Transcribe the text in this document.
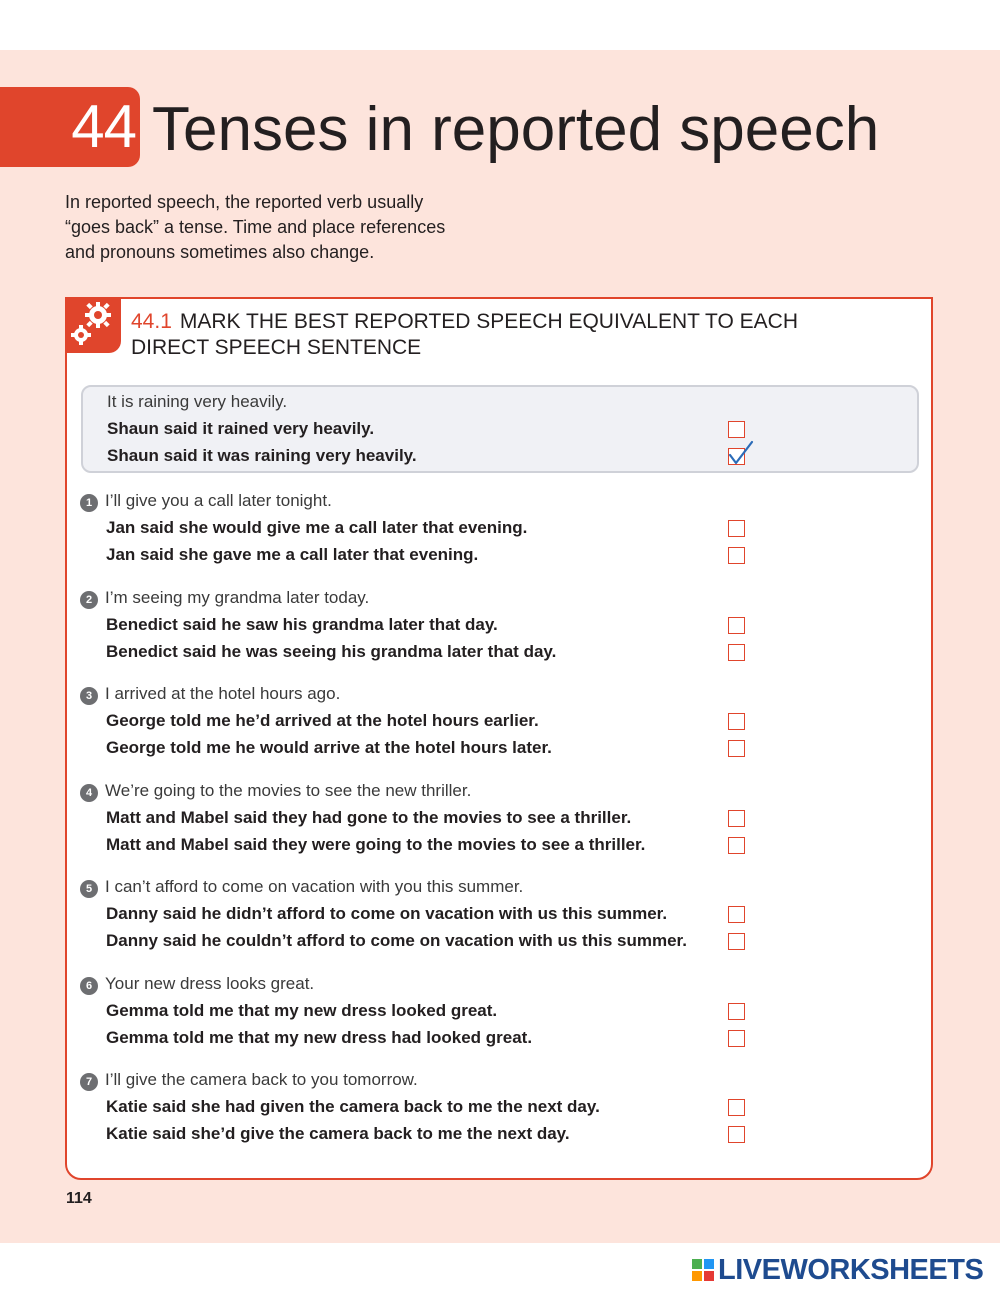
44 Tenses in reported speech
In reported speech, the reported verb usually
“goes back” a tense. Time and place references
and pronouns sometimes also change.
44.1 MARK THE BEST REPORTED SPEECH EQUIVALENT TO EACH
DIRECT SPEECH SENTENCE
It is raining very heavily.
Shaun said it rained very heavily.
Shaun said it was raining very heavily.
1 I’ll give you a call later tonight.
Jan said she would give me a call later that evening.
Jan said she gave me a call later that evening.
2 I’m seeing my grandma later today.
Benedict said he saw his grandma later that day.
Benedict said he was seeing his grandma later that day.
3 I arrived at the hotel hours ago.
George told me he’d arrived at the hotel hours earlier.
George told me he would arrive at the hotel hours later.
4 We’re going to the movies to see the new thriller.
Matt and Mabel said they had gone to the movies to see a thriller.
Matt and Mabel said they were going to the movies to see a thriller.
5 I can’t afford to come on vacation with you this summer.
Danny said he didn’t afford to come on vacation with us this summer.
Danny said he couldn’t afford to come on vacation with us this summer.
6 Your new dress looks great.
Gemma told me that my new dress looked great.
Gemma told me that my new dress had looked great.
7 I’ll give the camera back to you tomorrow.
Katie said she had given the camera back to me the next day.
Katie said she’d give the camera back to me the next day.
114
LIVEWORKSHEETS
